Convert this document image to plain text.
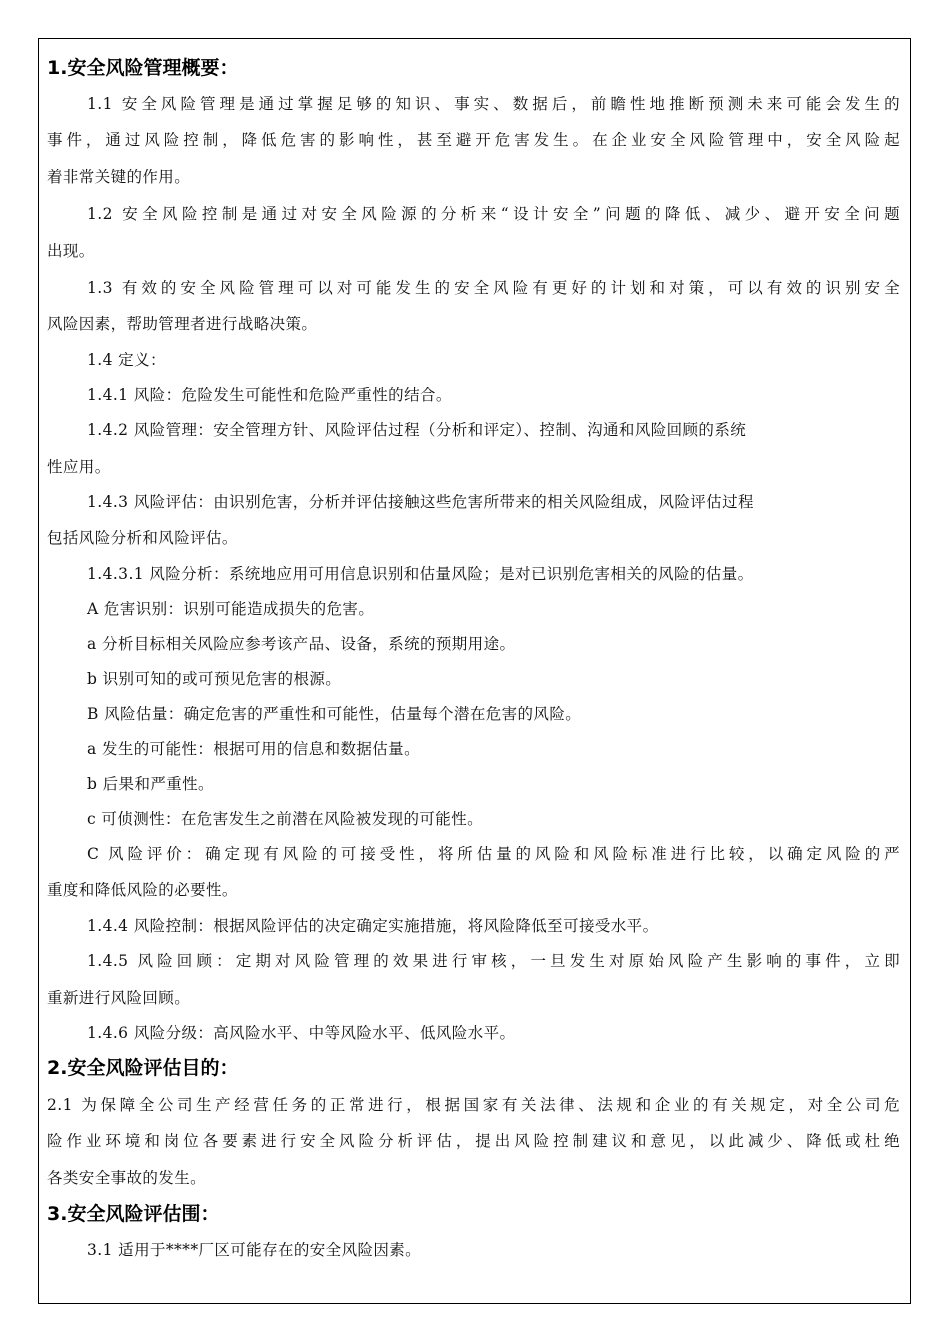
1.安全风险管理概要：
1.1 安全风险管理是通过掌握足够的知识、事实、数据后，前瞻性地推断预测未来可能会发生的
事件，通过风险控制，降低危害的影响性，甚至避开危害发生。在企业安全风险管理中，安全风险起
着非常关键的作用。
1.2 安全风险控制是通过对安全风险源的分析来“设计安全”问题的降低、减少、避开安全问题
出现。
1.3 有效的安全风险管理可以对可能发生的安全风险有更好的计划和对策，可以有效的识别安全
风险因素，帮助管理者进行战略决策。
1.4 定义：
1.4.1 风险：危险发生可能性和危险严重性的结合。
1.4.2 风险管理：安全管理方针、风险评估过程（分析和评定）、控制、沟通和风险回顾的系统
性应用。
1.4.3 风险评估：由识别危害，分析并评估接触这些危害所带来的相关风险组成，风险评估过程
包括风险分析和风险评估。
1.4.3.1 风险分析：系统地应用可用信息识别和估量风险；是对已识别危害相关的风险的估量。
A 危害识别：识别可能造成损失的危害。
a 分析目标相关风险应参考该产品、设备，系统的预期用途。
b 识别可知的或可预见危害的根源。
B 风险估量：确定危害的严重性和可能性，估量每个潜在危害的风险。
a 发生的可能性：根据可用的信息和数据估量。
b 后果和严重性。
c 可侦测性：在危害发生之前潜在风险被发现的可能性。
C 风险评价：确定现有风险的可接受性，将所估量的风险和风险标准进行比较，以确定风险的严
重度和降低风险的必要性。
1.4.4 风险控制：根据风险评估的决定确定实施措施，将风险降低至可接受水平。
1.4.5 风险回顾：定期对风险管理的效果进行审核，一旦发生对原始风险产生影响的事件，立即
重新进行风险回顾。
1.4.6 风险分级：高风险水平、中等风险水平、低风险水平。
2.安全风险评估目的：
2.1 为保障全公司生产经营任务的正常进行，根据国家有关法律、法规和企业的有关规定，对全公司危
险作业环境和岗位各要素进行安全风险分析评估，提出风险控制建议和意见，以此减少、降低或杜绝
各类安全事故的发生。
3.安全风险评估围：
3.1 适用于****厂区可能存在的安全风险因素。
